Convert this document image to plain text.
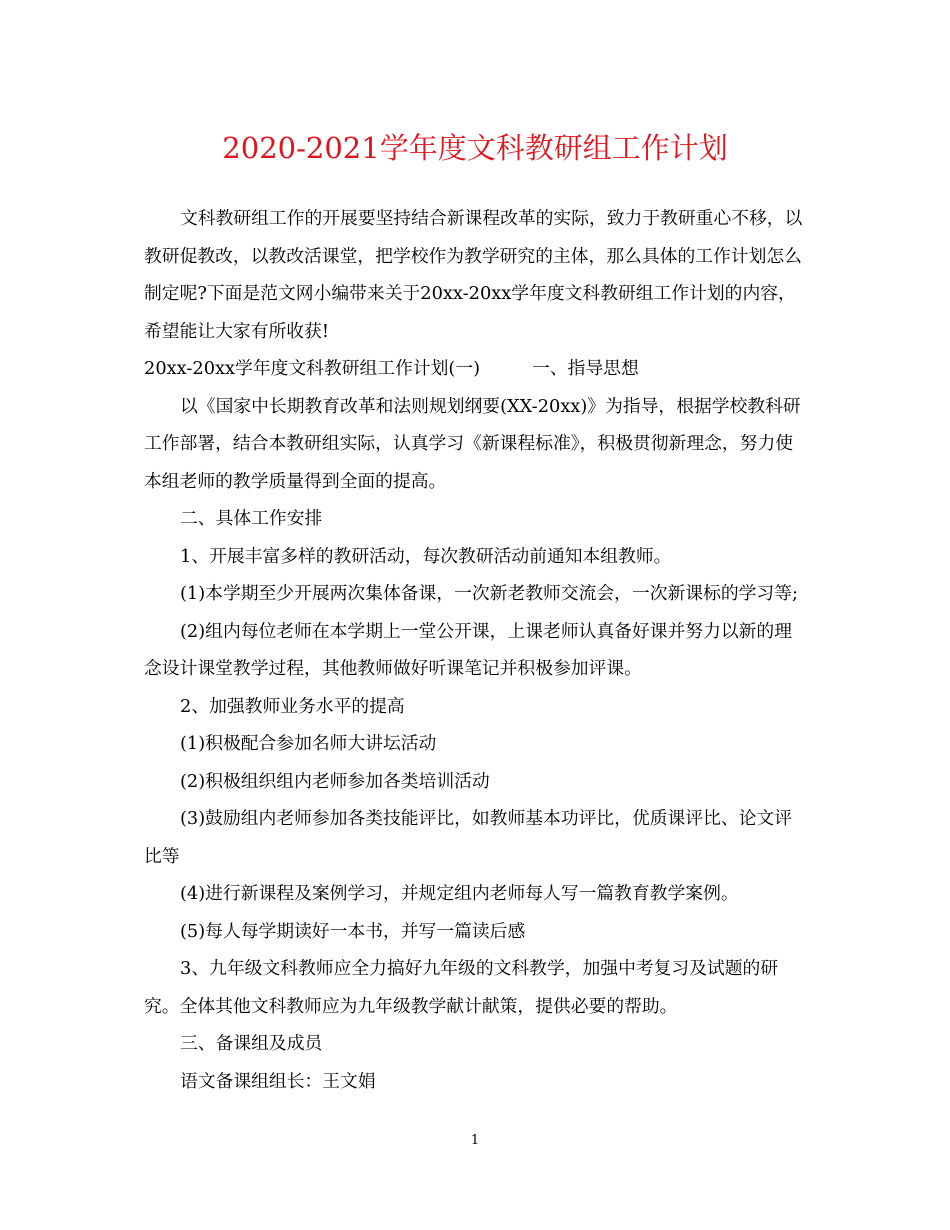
2020-2021学年度文科教研组工作计划

文科教研组工作的开展要坚持结合新课程改革的实际，致力于教研重心不移，以教研促教改，以教改活课堂，把学校作为教学研究的主体，那么具体的工作计划怎么制定呢?下面是范文网小编带来关于20xx-20xx学年度文科教研组工作计划的内容，希望能让大家有所收获!

20xx-20xx学年度文科教研组工作计划(一)	一、指导思想

以《国家中长期教育改革和法则规划纲要(XX-20xx)》为指导，根据学校教科研工作部署，结合本教研组实际，认真学习《新课程标准》，积极贯彻新理念，努力使本组老师的教学质量得到全面的提高。

二、具体工作安排

1、开展丰富多样的教研活动，每次教研活动前通知本组教师。

(1)本学期至少开展两次集体备课，一次新老教师交流会，一次新课标的学习等;

(2)组内每位老师在本学期上一堂公开课，上课老师认真备好课并努力以新的理念设计课堂教学过程，其他教师做好听课笔记并积极参加评课。

2、加强教师业务水平的提高

(1)积极配合参加名师大讲坛活动

(2)积极组织组内老师参加各类培训活动

(3)鼓励组内老师参加各类技能评比，如教师基本功评比，优质课评比、论文评比等

(4)进行新课程及案例学习，并规定组内老师每人写一篇教育教学案例。

(5)每人每学期读好一本书，并写一篇读后感

3、九年级文科教师应全力搞好九年级的文科教学，加强中考复习及试题的研究。全体其他文科教师应为九年级教学献计献策，提供必要的帮助。

三、备课组及成员

语文备课组组长：王文娟

1
